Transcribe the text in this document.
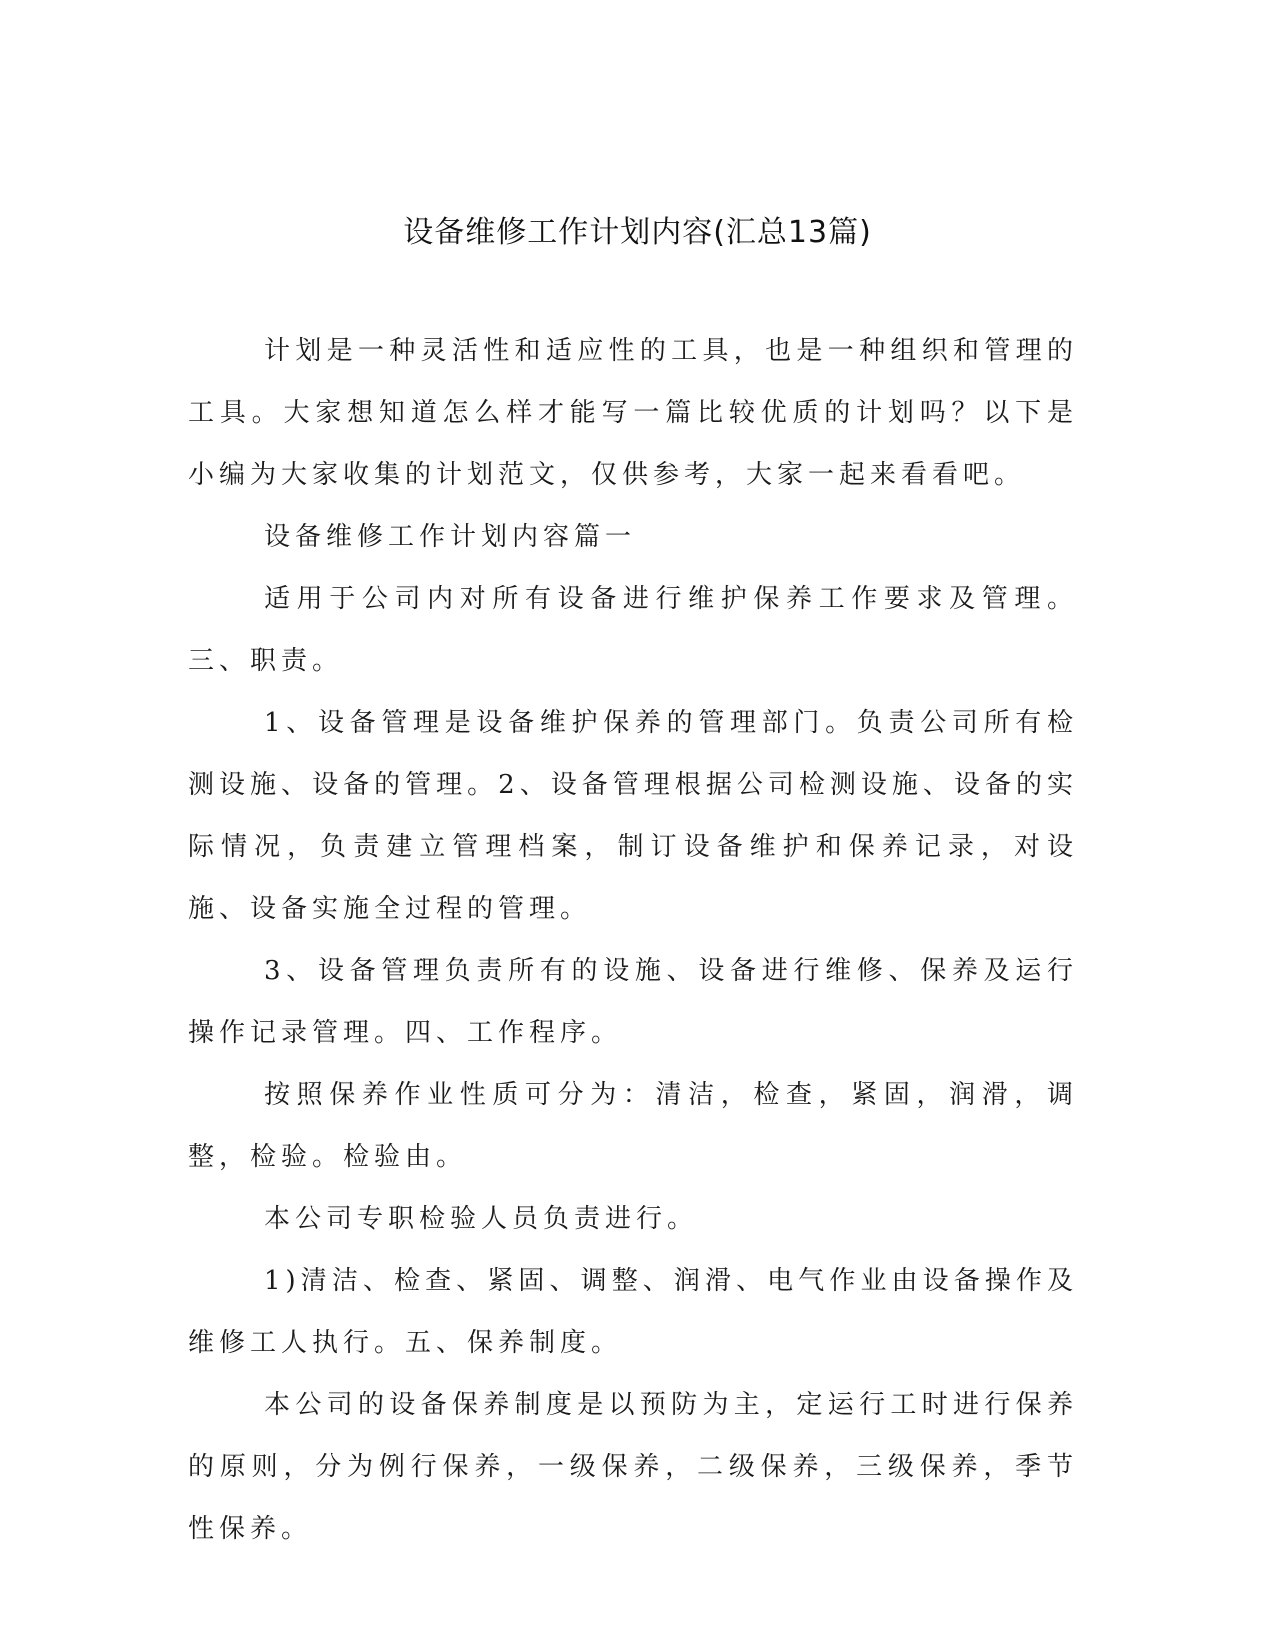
设备维修工作计划内容(汇总13篇)

计划是一种灵活性和适应性的工具，也是一种组织和管理的工具。大家想知道怎么样才能写一篇比较优质的计划吗？以下是小编为大家收集的计划范文，仅供参考，大家一起来看看吧。

设备维修工作计划内容篇一

适用于公司内对所有设备进行维护保养工作要求及管理。三、职责。

1、设备管理是设备维护保养的管理部门。负责公司所有检测设施、设备的管理。2、设备管理根据公司检测设施、设备的实际情况，负责建立管理档案，制订设备维护和保养记录，对设施、设备实施全过程的管理。

3、设备管理负责所有的设施、设备进行维修、保养及运行操作记录管理。四、工作程序。

按照保养作业性质可分为：清洁，检查，紧固，润滑，调整，检验。检验由。

本公司专职检验人员负责进行。

1)清洁、检查、紧固、调整、润滑、电气作业由设备操作及维修工人执行。五、保养制度。

本公司的设备保养制度是以预防为主，定运行工时进行保养的原则，分为例行保养，一级保养，二级保养，三级保养，季节性保养。
